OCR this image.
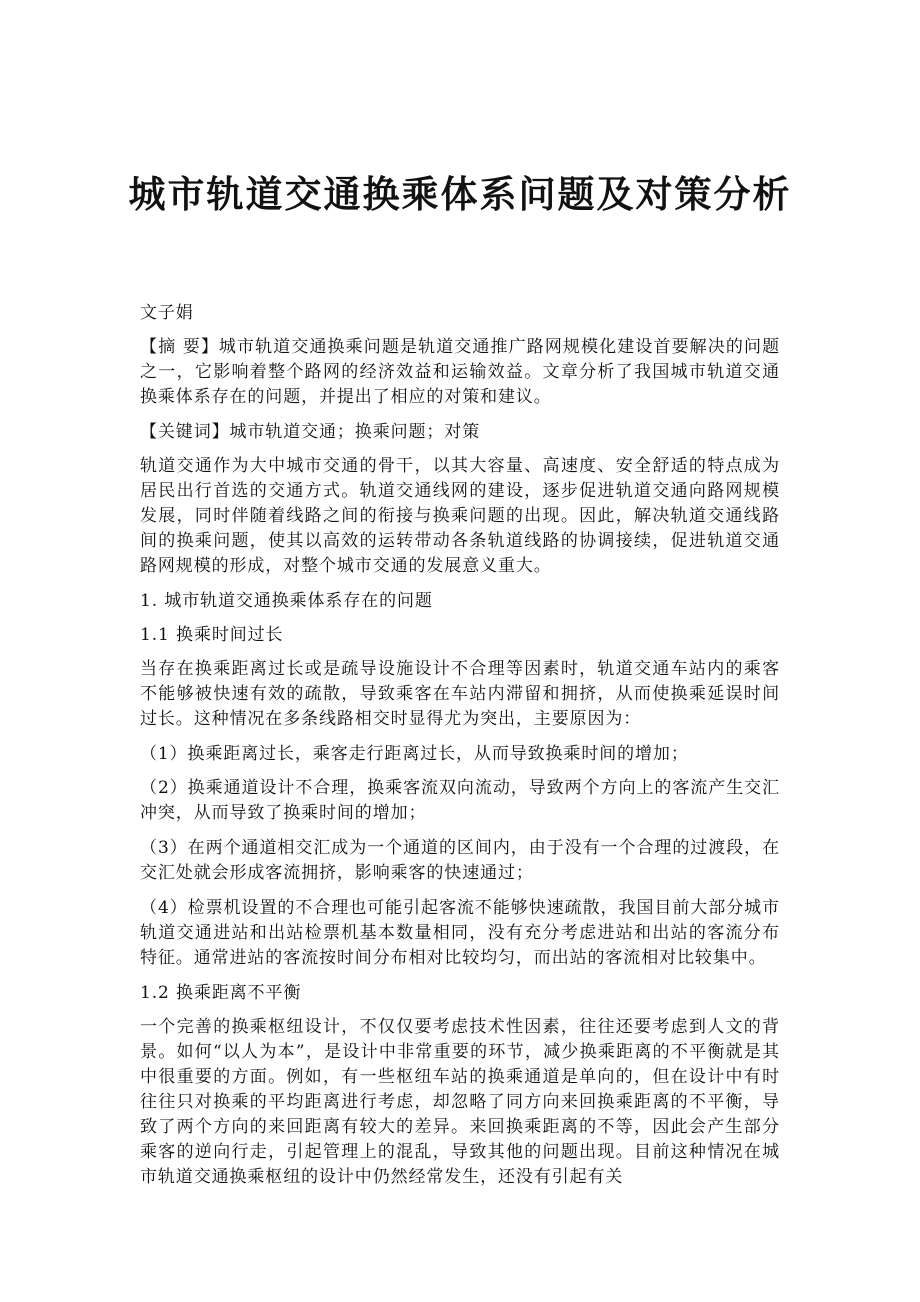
城市轨道交通换乘体系问题及对策分析

文子娟

【摘 要】城市轨道交通换乘问题是轨道交通推广路网规模化建设首要解决的问题之一，它影响着整个路网的经济效益和运输效益。文章分析了我国城市轨道交通换乘体系存在的问题，并提出了相应的对策和建议。

【关键词】城市轨道交通；换乘问题；对策

轨道交通作为大中城市交通的骨干，以其大容量、高速度、安全舒适的特点成为居民出行首选的交通方式。轨道交通线网的建设，逐步促进轨道交通向路网规模发展，同时伴随着线路之间的衔接与换乘问题的出现。因此，解决轨道交通线路间的换乘问题，使其以高效的运转带动各条轨道线路的协调接续，促进轨道交通路网规模的形成，对整个城市交通的发展意义重大。

1. 城市轨道交通换乘体系存在的问题

1.1 换乘时间过长

当存在换乘距离过长或是疏导设施设计不合理等因素时，轨道交通车站内的乘客不能够被快速有效的疏散，导致乘客在车站内滞留和拥挤，从而使换乘延误时间过长。这种情况在多条线路相交时显得尤为突出，主要原因为：

（1）换乘距离过长，乘客走行距离过长，从而导致换乘时间的增加；

（2）换乘通道设计不合理，换乘客流双向流动，导致两个方向上的客流产生交汇冲突，从而导致了换乘时间的增加；

（3）在两个通道相交汇成为一个通道的区间内，由于没有一个合理的过渡段，在交汇处就会形成客流拥挤，影响乘客的快速通过；

（4）检票机设置的不合理也可能引起客流不能够快速疏散，我国目前大部分城市轨道交通进站和出站检票机基本数量相同，没有充分考虑进站和出站的客流分布特征。通常进站的客流按时间分布相对比较均匀，而出站的客流相对比较集中。

1.2 换乘距离不平衡

一个完善的换乘枢纽设计，不仅仅要考虑技术性因素，往往还要考虑到人文的背景。如何“以人为本”，是设计中非常重要的环节，减少换乘距离的不平衡就是其中很重要的方面。例如，有一些枢纽车站的换乘通道是单向的，但在设计中有时往往只对换乘的平均距离进行考虑，却忽略了同方向来回换乘距离的不平衡，导致了两个方向的来回距离有较大的差异。来回换乘距离的不等，因此会产生部分乘客的逆向行走，引起管理上的混乱，导致其他的问题出现。目前这种情况在城市轨道交通换乘枢纽的设计中仍然经常发生，还没有引起有关
